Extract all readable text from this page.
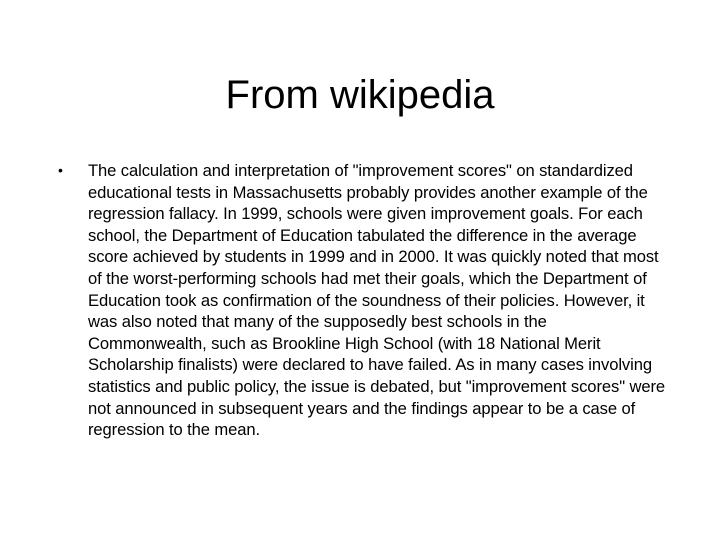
From wikipedia
• The calculation and interpretation of "improvement scores" on standardized educational tests in Massachusetts probably provides another example of the regression fallacy. In 1999, schools were given improvement goals. For each school, the Department of Education tabulated the difference in the average score achieved by students in 1999 and in 2000. It was quickly noted that most of the worst-performing schools had met their goals, which the Department of Education took as confirmation of the soundness of their policies. However, it was also noted that many of the supposedly best schools in the Commonwealth, such as Brookline High School (with 18 National Merit Scholarship finalists) were declared to have failed. As in many cases involving statistics and public policy, the issue is debated, but "improvement scores" were not announced in subsequent years and the findings appear to be a case of regression to the mean.
